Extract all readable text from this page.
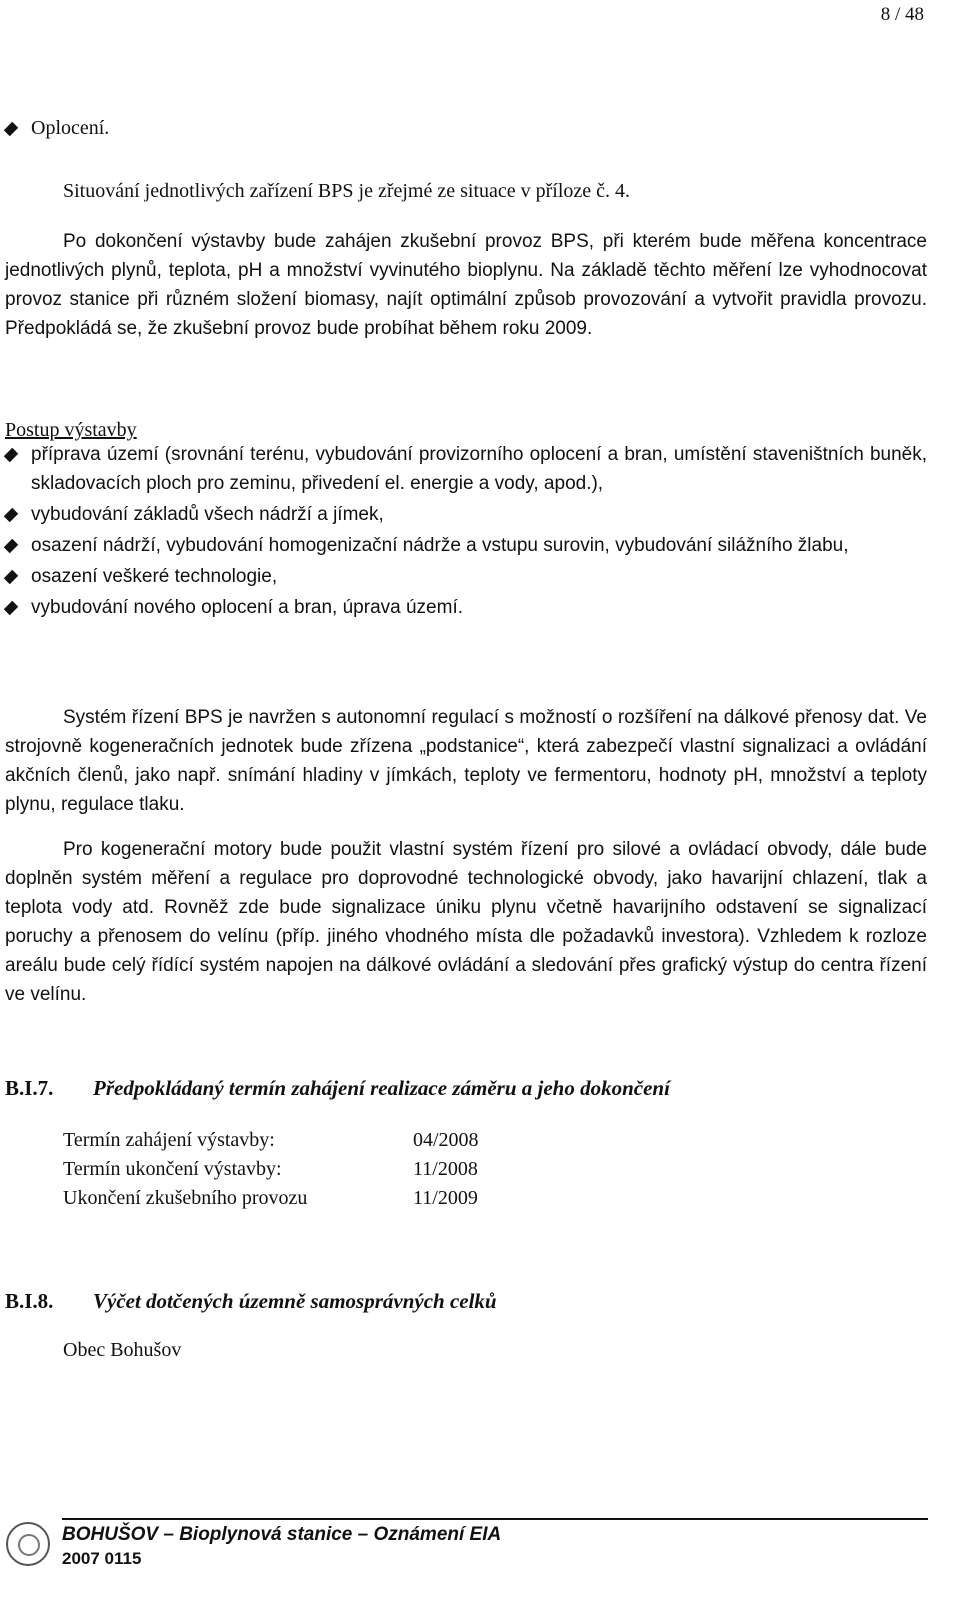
8 / 48
Oplocení.
Situování jednotlivých zařízení BPS je zřejmé ze situace v příloze č. 4.
Po dokončení výstavby bude zahájen zkušební provoz BPS, při kterém bude měřena koncentrace jednotlivých plynů, teplota, pH a množství vyvinutého bioplynu. Na základě těchto měření lze vyhodnocovat provoz stanice při různém složení biomasy, najít optimální způsob provozování a vytvořit pravidla provozu. Předpokládá se, že zkušební provoz bude probíhat během roku 2009.
Postup výstavby
příprava území (srovnání terénu, vybudování provizorního oplocení a bran, umístění staveništních buněk, skladovacích ploch pro zeminu, přivedení el. energie a vody, apod.),
vybudování základů všech nádrží a jímek,
osazení nádrží, vybudování homogenizační nádrže a vstupu surovin, vybudování silážního žlabu,
osazení veškeré technologie,
vybudování nového oplocení a bran, úprava území.
Systém řízení BPS je navržen s autonomní regulací s možností o rozšíření na dálkové přenosy dat. Ve strojovně kogeneračních jednotek bude zřízena „podstanice“, která zabezpečí vlastní signalizaci a ovládání akčních členů, jako např. snímání hladiny v jímkách, teploty ve fermentoru, hodnoty pH, množství a teploty plynu, regulace tlaku.
Pro kogenerační motory bude použit vlastní systém řízení pro silové a ovládací obvody, dále bude doplněn systém měření a regulace pro doprovodné technologické obvody, jako havarijní chlazení, tlak a teplota vody atd. Rovněž zde bude signalizace úniku plynu včetně havarijního odstavení se signalizací poruchy a přenosem do velínu (příp. jiného vhodného místa dle požadavků investora). Vzhledem k rozloze areálu bude celý řídící systém napojen na dálkové ovládání a sledování přes grafický výstup do centra řízení ve velínu.
B.I.7.	Předpokládaný termín zahájení realizace záměru a jeho dokončení
Termín zahájení výstavby:	04/2008
Termín ukončení výstavby:	11/2008
Ukončení zkušebního provozu	11/2009
B.I.8.	Výčet dotčených územně samosprávných celků
Obec Bohušov
BOHUŠOV – Bioplynová stanice – Oznámení EIA
2007 0115
